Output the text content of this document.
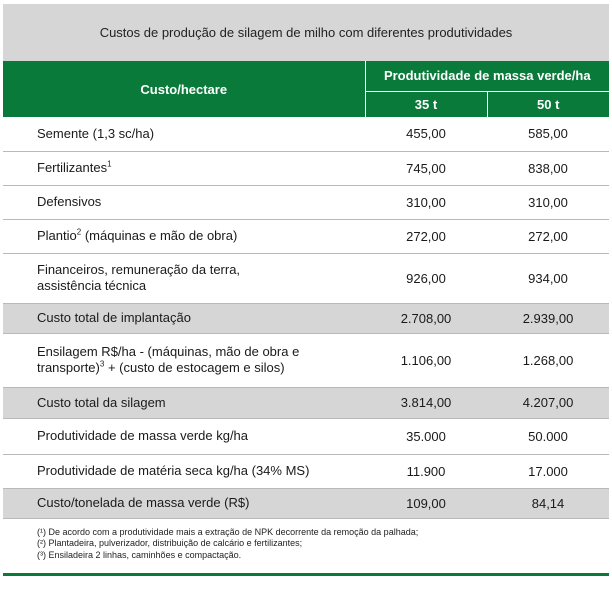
Custos de produção de silagem de milho com diferentes produtividades
Custo/hectare	Produtividade de massa verde/ha	
	35 t	50 t
Semente (1,3 sc/ha)	455,00	585,00
Fertilizantes$^1$	745,00	838,00
Defensivos	310,00	310,00
Plantio$^2$ (máquinas e mão de obra)	272,00	272,00
Financeiros, remuneração da terra,
assistência técnica	926,00	934,00
Custo total de implantação	2.708,00	2.939,00
Ensilagem R$/ha - (máquinas, mão de obra e
transporte)$^3$ + (custo de estocagem e silos)	1.106,00	1.268,00
Custo total da silagem	3.814,00	4.207,00
Produtividade de massa verde kg/ha	35.000	50.000
Produtividade de matéria seca kg/ha (34% MS)	11.900	17.000
Custo/tonelada de massa verde (R$)	109,00	84,14
(¹) De acordo com a produtividade mais a extração de NPK decorrente da remoção da palhada;
(²) Plantadeira, pulverizador, distribuição de calcário e fertilizantes;
(³) Ensiladeira 2 linhas, caminhões e compactação.
